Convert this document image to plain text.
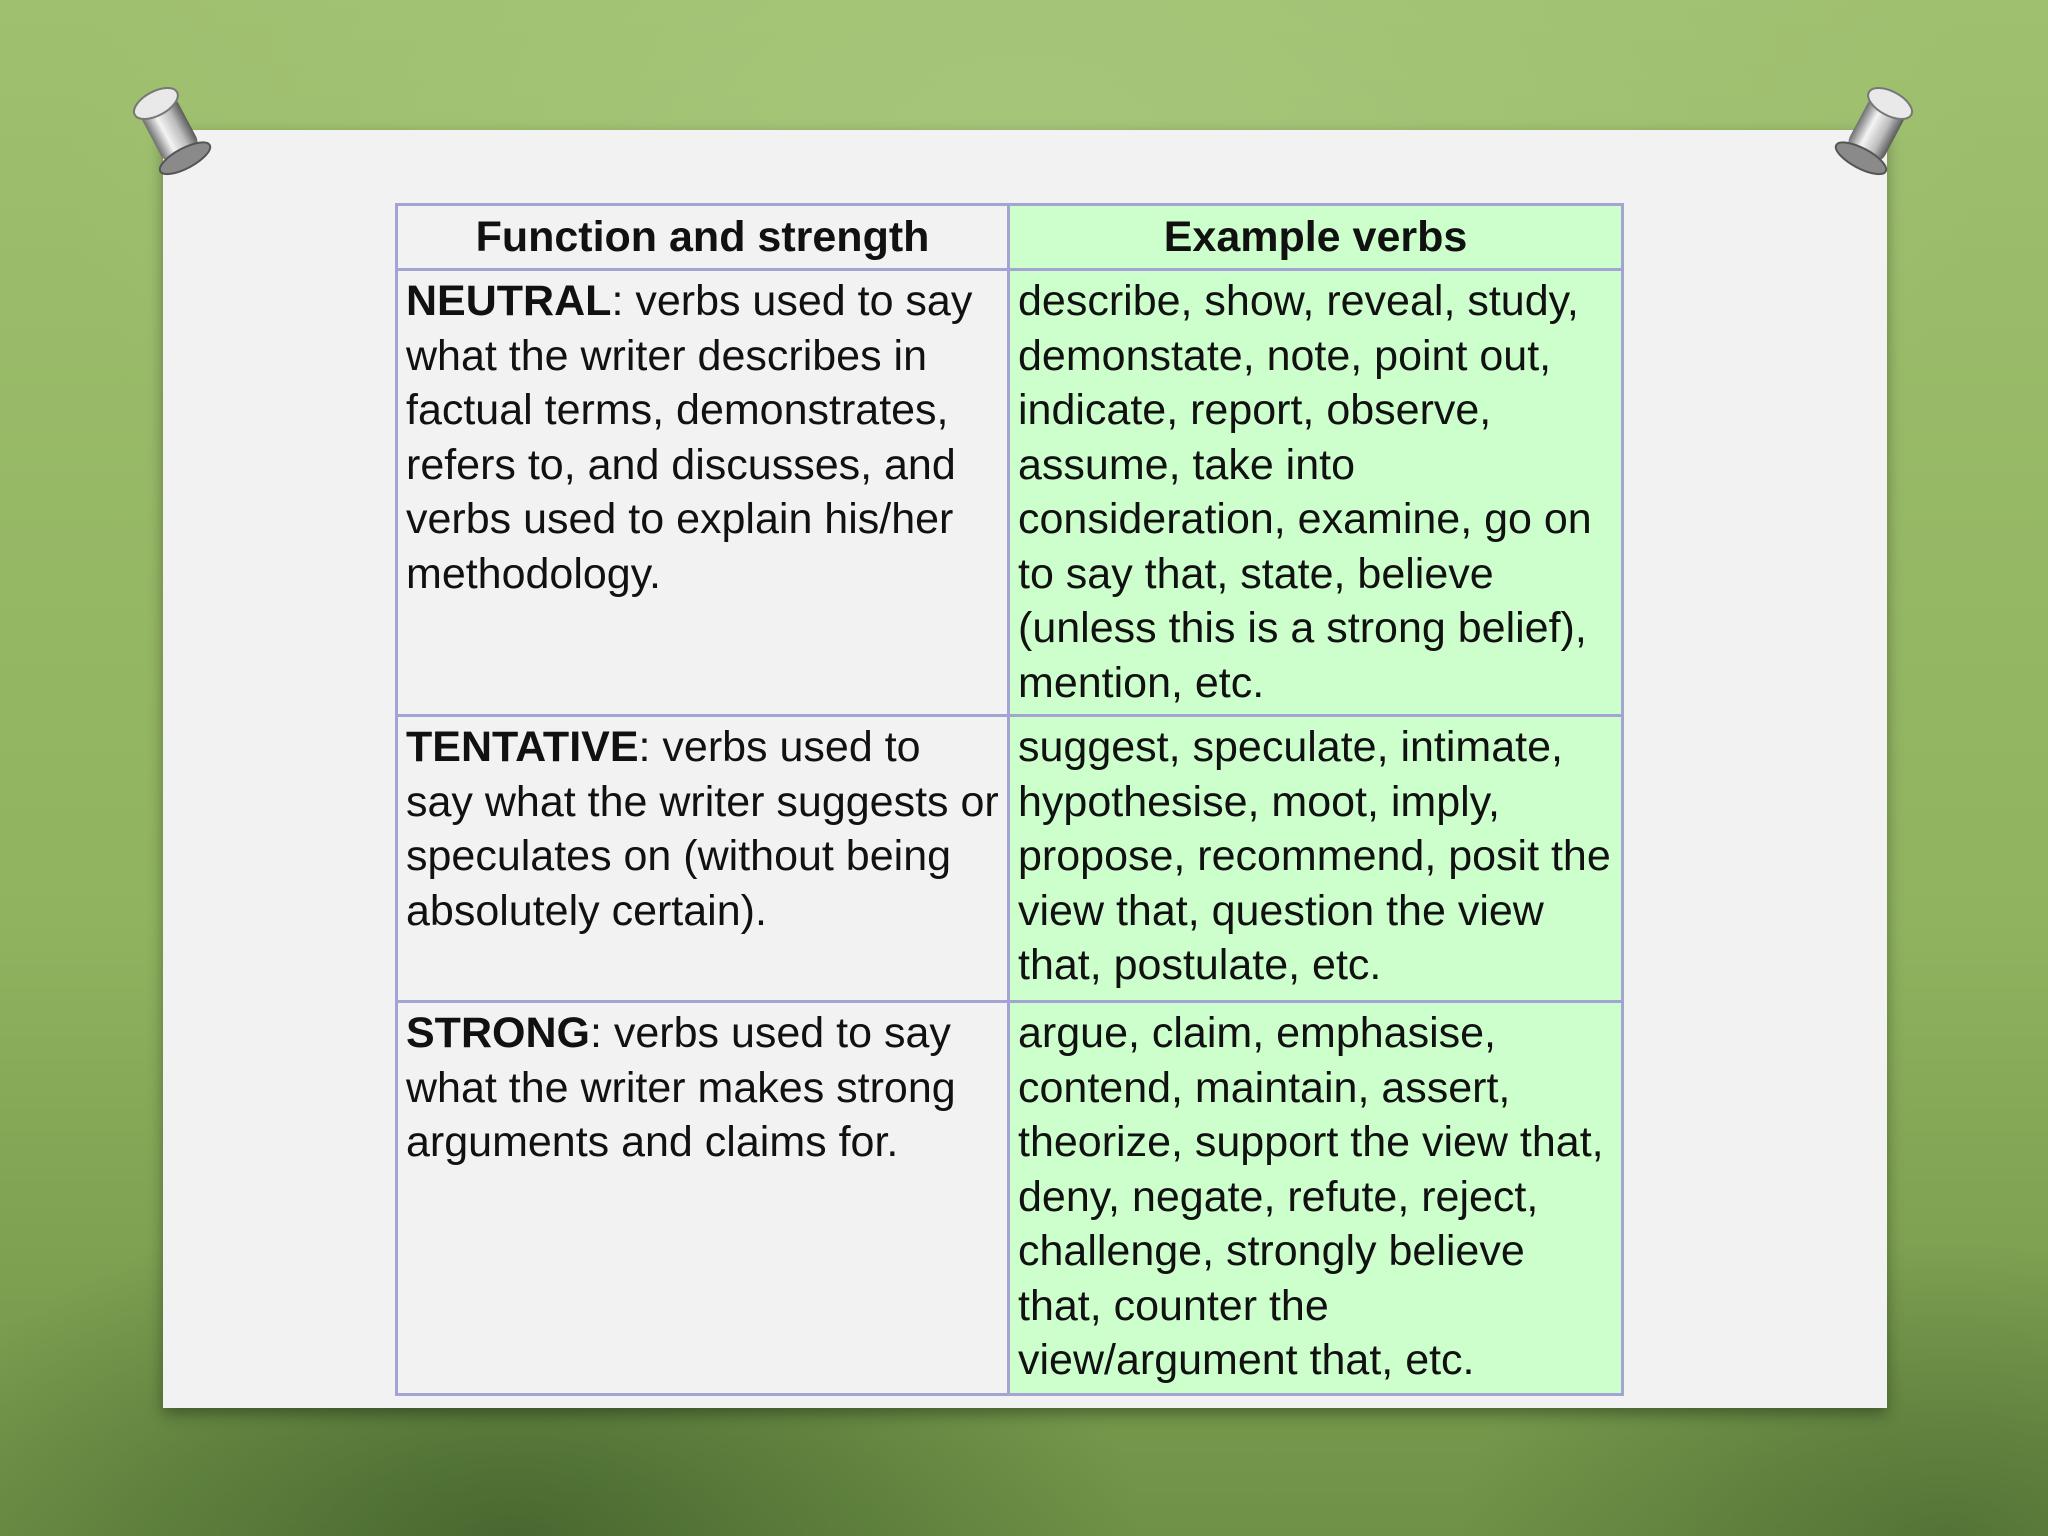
Function and strength	Example verbs
NEUTRAL: verbs used to say what the writer describes in factual terms, demonstrates, refers to, and discusses, and verbs used to explain his/her methodology.	describe, show, reveal, study, demonstate, note, point out, indicate, report, observe, assume, take into consideration, examine, go on to say that, state, believe (unless this is a strong belief), mention, etc.
TENTATIVE: verbs used to say what the writer suggests or speculates on (without being absolutely certain).	suggest, speculate, intimate, hypothesise, moot, imply, propose, recommend, posit the view that, question the view that, postulate, etc.
STRONG: verbs used to say what the writer makes strong arguments and claims for.	argue, claim, emphasise, contend, maintain, assert, theorize, support the view that, deny, negate, refute, reject, challenge, strongly believe that, counter the view/argument that, etc.
